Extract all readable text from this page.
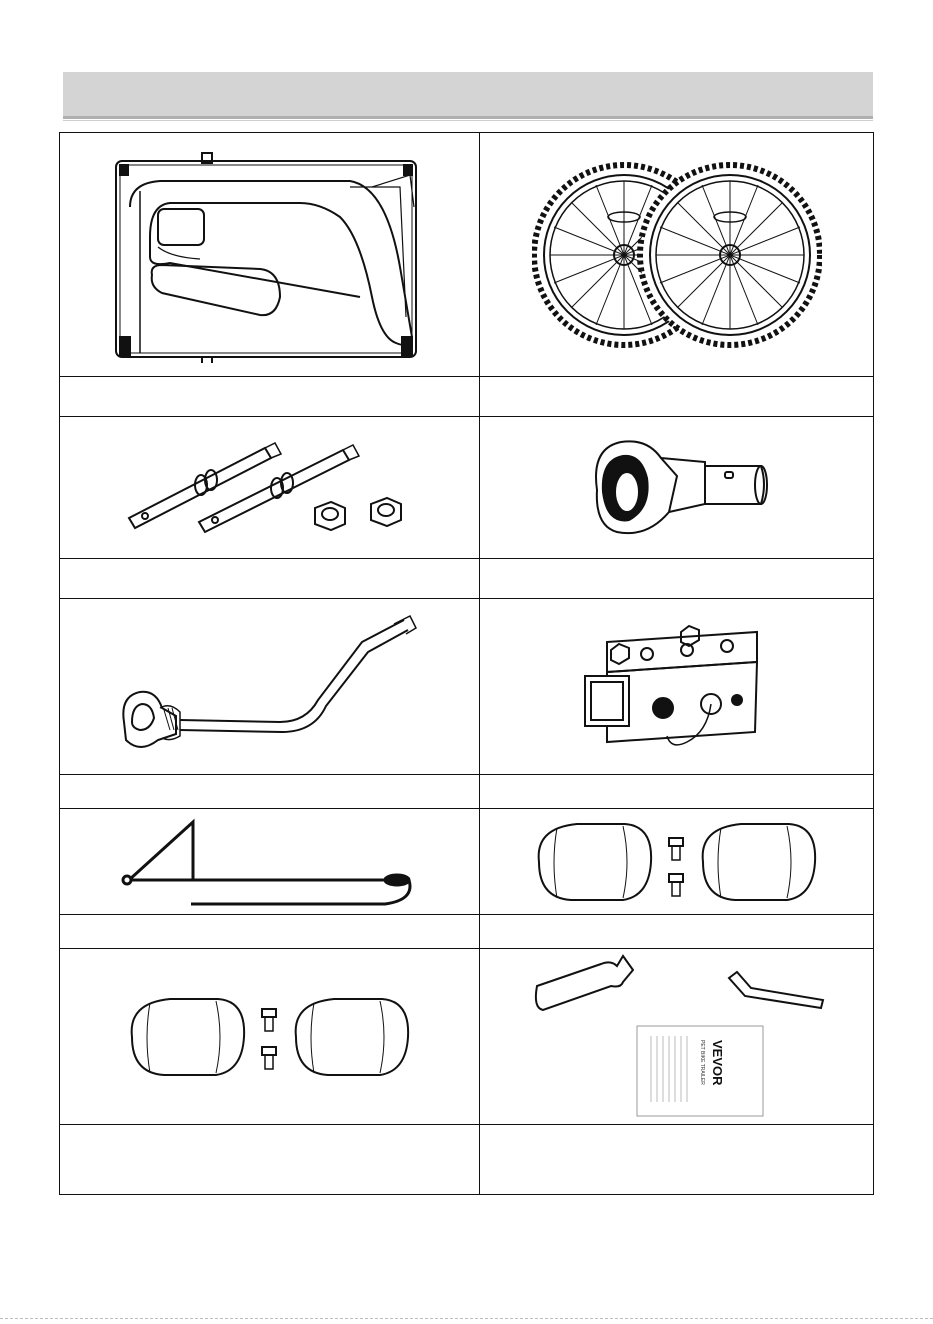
VEVOR
PET BIKE TRAILER
